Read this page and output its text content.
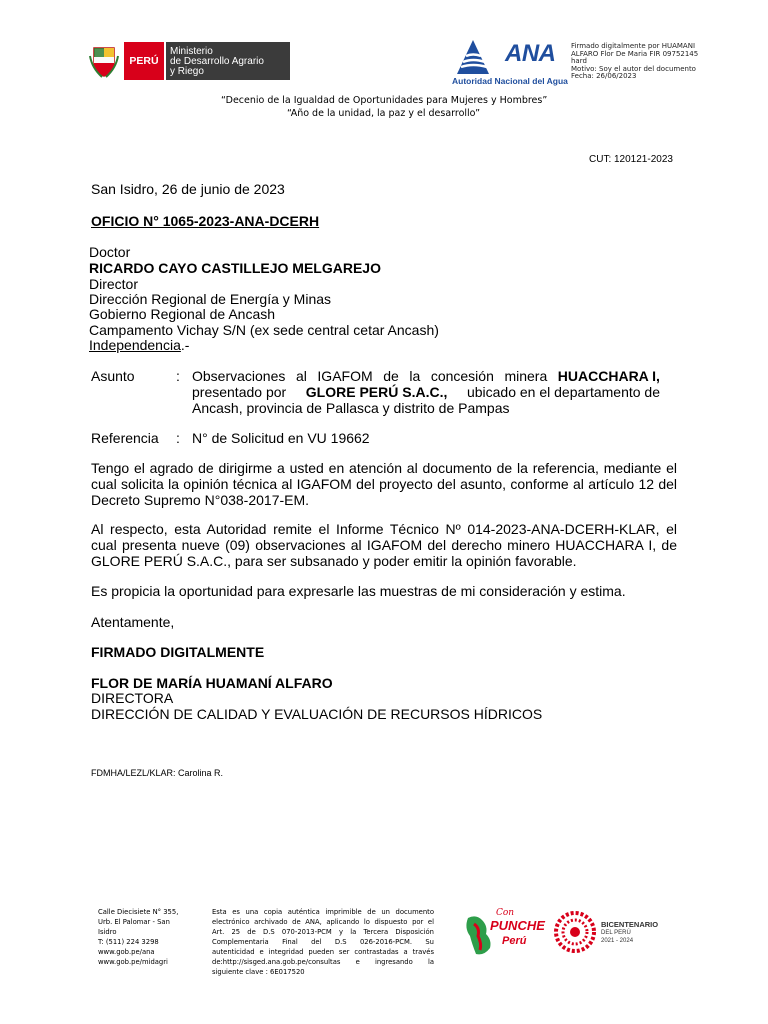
PERÚ
Ministerio
de Desarrollo Agrario
y Riego
ANA
Autoridad Nacional del Agua
Firmado digitalmente por HUAMANI
ALFARO Flor De Maria FIR 09752145
hard
Motivo: Soy el autor del documento
Fecha: 26/06/2023
“Decenio de la Igualdad de Oportunidades para Mujeres y Hombres”
“Año de la unidad, la paz y el desarrollo”
CUT: 120121-2023
San Isidro, 26 de junio de 2023
OFICIO N° 1065-2023-ANA-DCERH
Doctor
RICARDO CAYO CASTILLEJO MELGAREJO
Director
Dirección Regional de Energía y Minas
Gobierno Regional de Ancash
Campamento Vichay S/N (ex sede central cetar Ancash)
Independencia.-
Asunto	: Observaciones al IGAFOM de la concesión minera HUACCHARA I,
presentado por GLORE PERÚ S.A.C., ubicado en el departamento de
Ancash, provincia de Pallasca y distrito de Pampas
Referencia : N° de Solicitud en VU 19662
Tengo el agrado de dirigirme a usted en atención al documento de la referencia, mediante el
cual solicita la opinión técnica al IGAFOM del proyecto del asunto, conforme al artículo 12 del
Decreto Supremo N°038-2017-EM.
Al respecto, esta Autoridad remite el Informe Técnico Nº 014-2023-ANA-DCERH-KLAR, el
cual presenta nueve (09) observaciones al IGAFOM del derecho minero HUACCHARA I, de
GLORE PERÚ S.A.C., para ser subsanado y poder emitir la opinión favorable.
Es propicia la oportunidad para expresarle las muestras de mi consideración y estima.
Atentamente,
FIRMADO DIGITALMENTE
FLOR DE MARÍA HUAMANÍ ALFARO
DIRECTORA
DIRECCIÓN DE CALIDAD Y EVALUACIÓN DE RECURSOS HÍDRICOS
FDMHA/LEZL/KLAR: Carolina R.
Calle Diecisiete N° 355,
Urb. El Palomar - San
Isidro
T: (511) 224 3298
www.gob.pe/ana
www.gob.pe/midagri
Esta es una copia auténtica imprimible de un documento
electrónico archivado de ANA, aplicando lo dispuesto por el
Art. 25 de D.S 070-2013-PCM y la Tercera Disposición
Complementaria Final del D.S 026-2016-PCM. Su
autenticidad e integridad pueden ser contrastadas a través
de:http://sisged.ana.gob.pe/consultas e ingresando la
siguiente clave : 6E017520
Con
PUNCHE
Perú
BICENTENARIO
DEL PERÚ
2021 - 2024
